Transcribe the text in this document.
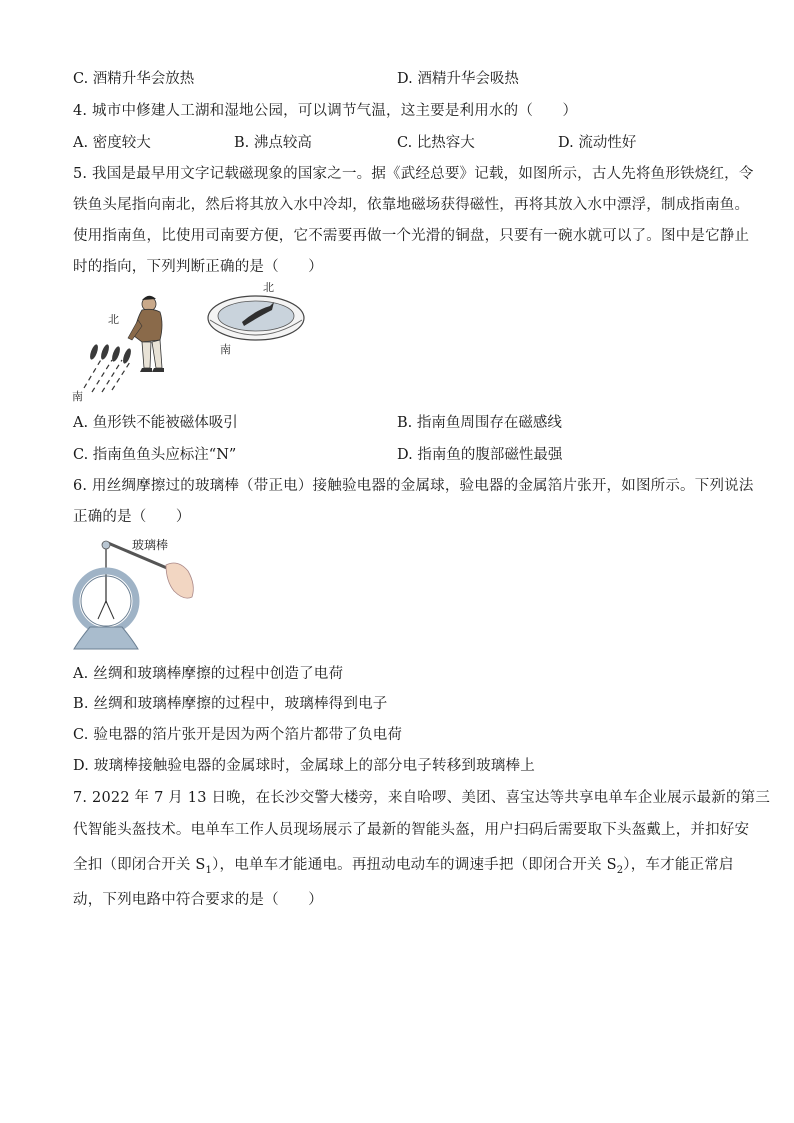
C. 酒精升华会放热	D. 酒精升华会吸热
4. 城市中修建人工湖和湿地公园，可以调节气温，这主要是利用水的（　　）
A. 密度较大	B. 沸点较高	C. 比热容大	D. 流动性好
5. 我国是最早用文字记载磁现象的国家之一。据《武经总要》记载，如图所示，古人先将鱼形铁烧红，令
铁鱼头尾指向南北，然后将其放入水中冷却，依靠地磁场获得磁性，再将其放入水中漂浮，制成指南鱼。
使用指南鱼，比使用司南要方便，它不需要再做一个光滑的铜盘，只要有一碗水就可以了。图中是它静止
时的指向，下列判断正确的是（　　）
北
南
北
南
A. 鱼形铁不能被磁体吸引	B. 指南鱼周围存在磁感线
C. 指南鱼鱼头应标注“N”	D. 指南鱼的腹部磁性最强
6. 用丝绸摩擦过的玻璃棒（带正电）接触验电器的金属球，验电器的金属箔片张开，如图所示。下列说法
正确的是（　　）
玻璃棒
A. 丝绸和玻璃棒摩擦的过程中创造了电荷
B. 丝绸和玻璃棒摩擦的过程中，玻璃棒得到电子
C. 验电器的箔片张开是因为两个箔片都带了负电荷
D. 玻璃棒接触验电器的金属球时，金属球上的部分电子转移到玻璃棒上
7. 2022 年 7 月 13 日晚，在长沙交警大楼旁，来自哈啰、美团、喜宝达等共享电单车企业展示最新的第三
代智能头盔技术。电单车工作人员现场展示了最新的智能头盔，用户扫码后需要取下头盔戴上，并扣好安
全扣（即闭合开关 $S_1$），电单车才能通电。再扭动电动车的调速手把（即闭合开关 $S_2$），车才能正常启
动，下列电路中符合要求的是（　　）
